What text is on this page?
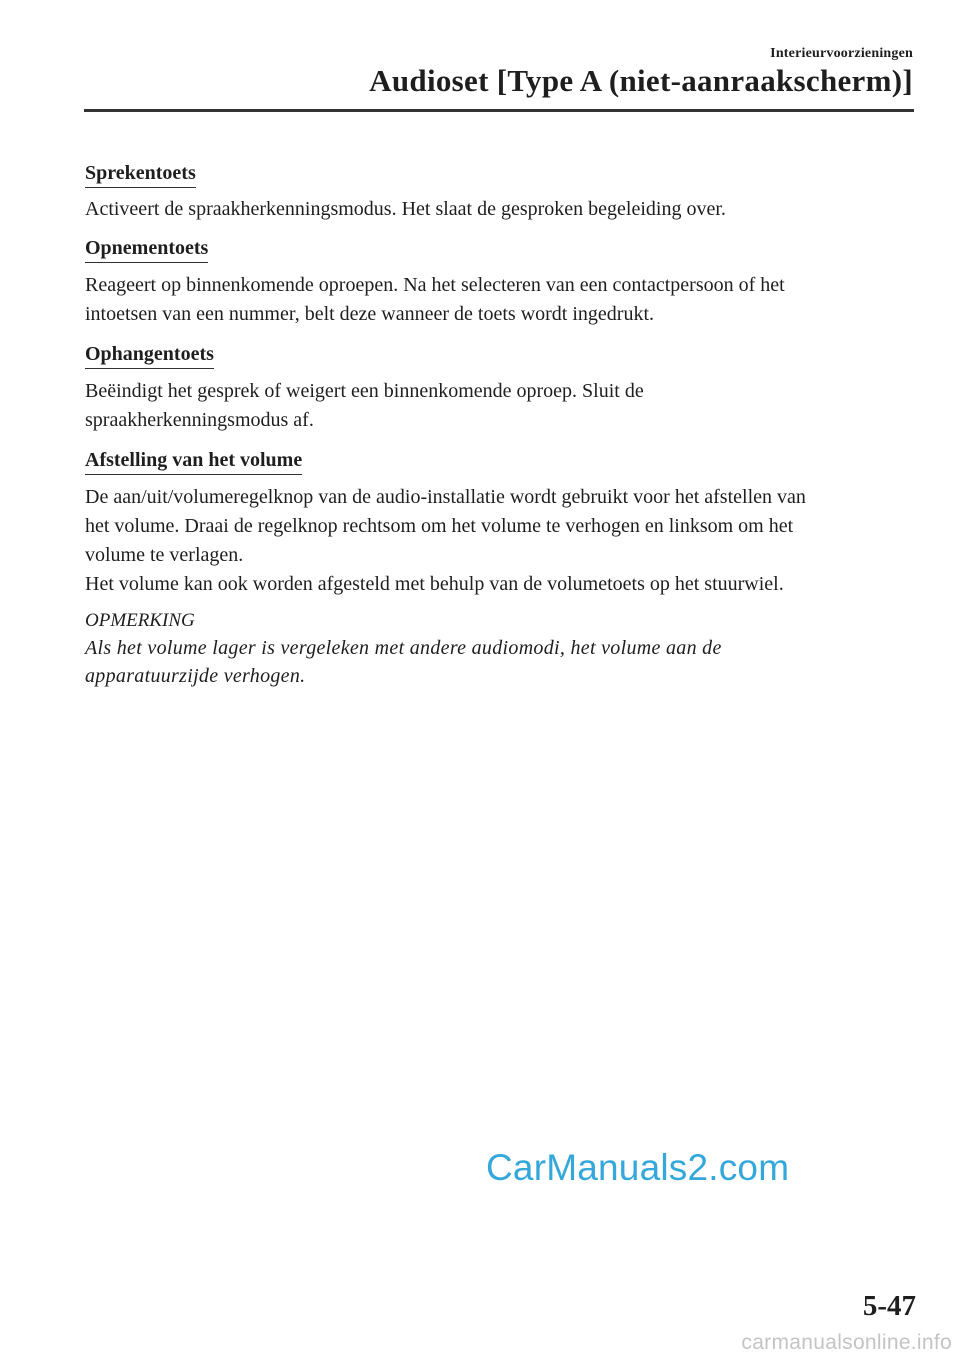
Interieurvoorzieningen
Audioset [Type A (niet-aanraakscherm)]
Sprekentoets

Activeert de spraakherkenningsmodus. Het slaat de gesproken begeleiding over.

Opnementoets

Reageert op binnenkomende oproepen. Na het selecteren van een contactpersoon of het
intoetsen van een nummer, belt deze wanneer de toets wordt ingedrukt.

Ophangentoets

Beëindigt het gesprek of weigert een binnenkomende oproep. Sluit de
spraakherkenningsmodus af.

Afstelling van het volume

De aan/uit/volumeregelknop van de audio-installatie wordt gebruikt voor het afstellen van
het volume. Draai de regelknop rechtsom om het volume te verhogen en linksom om het
volume te verlagen.
Het volume kan ook worden afgesteld met behulp van de volumetoets op het stuurwiel.

OPMERKING

Als het volume lager is vergeleken met andere audiomodi, het volume aan de
apparatuurzijde verhogen.

CarManuals2.com
5-47
carmanualsonline.info
